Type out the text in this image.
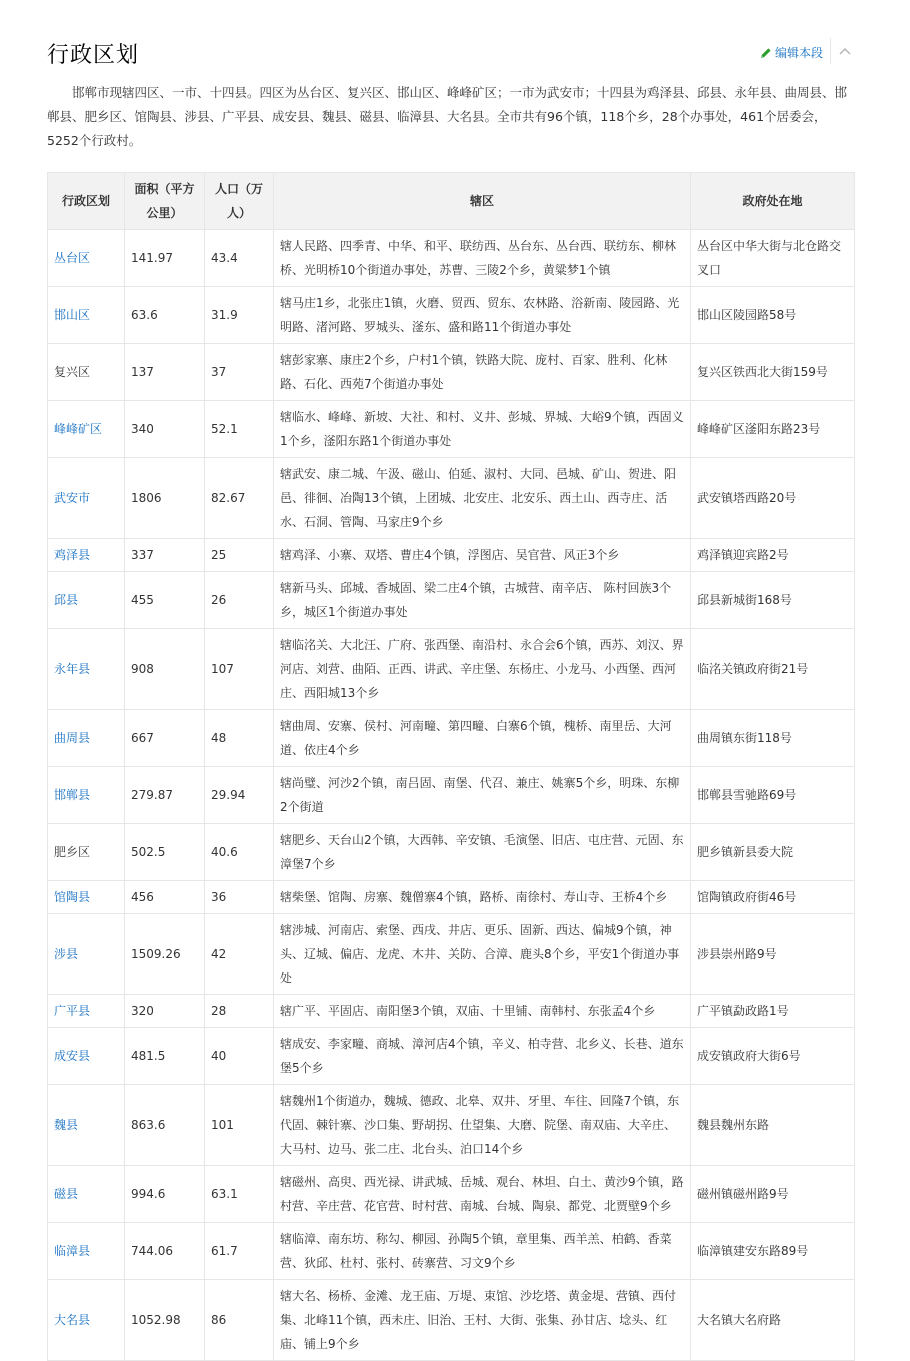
行政区划	编辑本段

邯郸市现辖四区、一市、十四县。四区为丛台区、复兴区、邯山区、峰峰矿区；一市为武安市；十四县为鸡泽县、邱县、永年县、曲周县、邯郸县、肥乡区、馆陶县、涉县、广平县、成安县、魏县、磁县、临漳县、大名县。全市共有96个镇，118个乡，28个办事处，461个居委会，5252个行政村。

行政区划	面积（平方公里）	人口（万人）	辖区	政府处在地
丛台区	141.97	43.4	辖人民路、四季青、中华、和平、联纺西、丛台东、丛台西、联纺东、柳林桥、光明桥10个街道办事处，苏曹、三陵2个乡，黄粱梦1个镇	丛台区中华大街与北仓路交叉口
邯山区	63.6	31.9	辖马庄1乡，北张庄1镇，火磨、贸西、贸东、农林路、浴新南、陵园路、光明路、渚河路、罗城头、滏东、盛和路11个街道办事处	邯山区陵园路58号
复兴区	137	37	辖彭家寨、康庄2个乡，户村1个镇，铁路大院、庞村、百家、胜利、化林路、石化、西苑7个街道办事处	复兴区铁西北大街159号
峰峰矿区	340	52.1	辖临水、峰峰、新坡、大社、和村、义井、彭城、界城、大峪9个镇，西固义1个乡，滏阳东路1个街道办事处	峰峰矿区滏阳东路23号
武安市	1806	82.67	辖武安、康二城、午汲、磁山、伯延、淑村、大同、邑城、矿山、贺进、阳邑、徘徊、冶陶13个镇，上团城、北安庄、北安乐、西土山、西寺庄、活水、石洞、管陶、马家庄9个乡	武安镇塔西路20号
鸡泽县	337	25	辖鸡泽、小寨、双塔、曹庄4个镇，浮图店、吴官营、风正3个乡	鸡泽镇迎宾路2号
邱县	455	26	辖新马头、邱城、香城固、梁二庄4个镇，古城营、南辛店、 陈村回族3个乡，城区1个街道办事处	邱县新城街168号
永年县	908	107	辖临洺关、大北汪、广府、张西堡、南沿村、永合会6个镇，西苏、刘汉、界河店、刘营、曲陌、正西、讲武、辛庄堡、东杨庄、小龙马、小西堡、西河庄、西阳城13个乡	临洺关镇政府街21号
曲周县	667	48	辖曲周、安寨、侯村、河南疃、第四疃、白寨6个镇，槐桥、南里岳、大河道、依庄4个乡	曲周镇东街118号
邯郸县	279.87	29.94	辖尚璧、河沙2个镇，南吕固、南堡、代召、兼庄、姚寨5个乡，明珠、东柳2个街道	邯郸县雪驰路69号
肥乡区	502.5	40.6	辖肥乡、天台山2个镇，大西韩、辛安镇、毛演堡、旧店、屯庄营、元固、东漳堡7个乡	肥乡镇新县委大院
馆陶县	456	36	辖柴堡、馆陶、房寨、魏僧寨4个镇，路桥、南徐村、寿山寺、王桥4个乡	馆陶镇政府街46号
涉县	1509.26	42	辖涉城、河南店、索堡、西戌、井店、更乐、固新、西达、偏城9个镇，神头、辽城、偏店、龙虎、木井、关防、合漳、鹿头8个乡，平安1个街道办事处	涉县崇州路9号
广平县	320	28	辖广平、平固店、南阳堡3个镇，双庙、十里铺、南韩村、东张孟4个乡	广平镇勐政路1号
成安县	481.5	40	辖成安、李家疃、商城、漳河店4个镇，辛义、柏寺营、北乡义、长巷、道东堡5个乡	成安镇政府大街6号
魏县	863.6	101	辖魏州1个街道办，魏城、德政、北皋、双井、牙里、车往、回隆7个镇，东代固、棘针寨、沙口集、野胡拐、仕望集、大磨、院堡、南双庙、大辛庄、大马村、边马、张二庄、北台头、泊口14个乡	魏县魏州东路
磁县	994.6	63.1	辖磁州、高臾、西光禄、讲武城、岳城、观台、林坦、白土、黄沙9个镇，路村营、辛庄营、花官营、时村营、南城、台城、陶泉、都党、北贾壁9个乡	磁州镇磁州路9号
临漳县	744.06	61.7	辖临漳、南东坊、称勾、柳园、孙陶5个镇，章里集、西羊羔、柏鹤、香菜营、狄邱、杜村、张村、砖寨营、习文9个乡	临漳镇建安东路89号
大名县	1052.98	86	辖大名、杨桥、金滩、龙王庙、万堤、束馆、沙圪塔、黄金堤、营镇、西付集、北峰11个镇，西未庄、旧治、王村、大街、张集、孙甘店、埝头、红庙、铺上9个乡	大名镇大名府路
